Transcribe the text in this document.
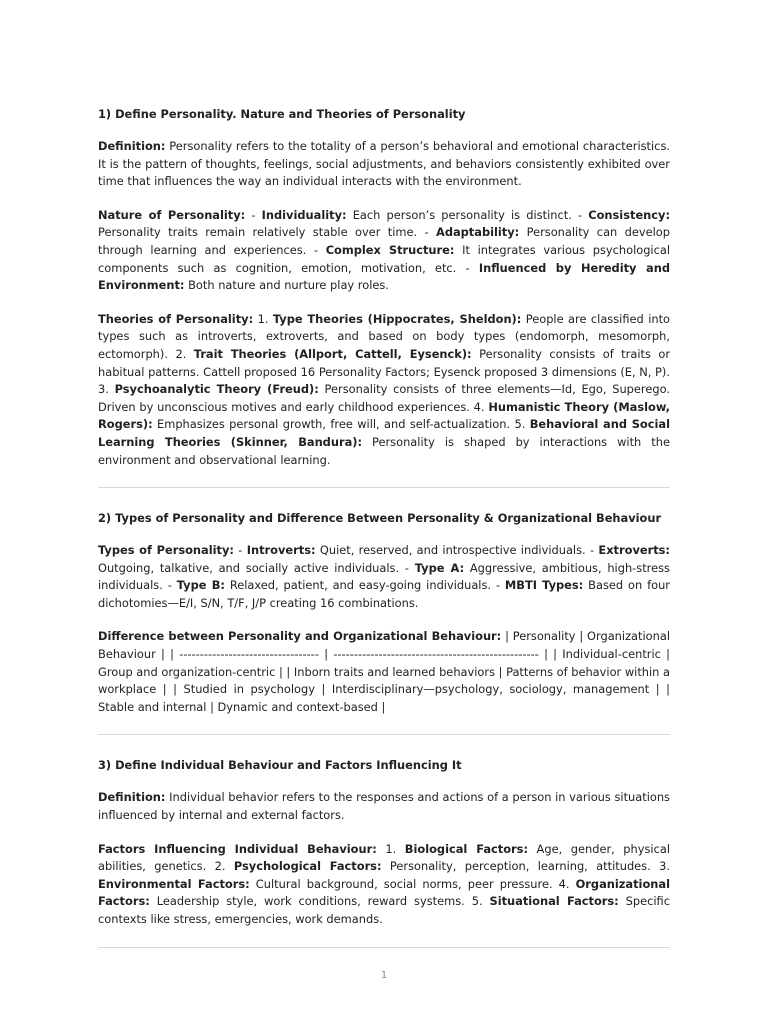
1) Define Personality. Nature and Theories of Personality

Definition: Personality refers to the totality of a person’s behavioral and emotional characteristics. It is the pattern of thoughts, feelings, social adjustments, and behaviors consistently exhibited over time that influences the way an individual interacts with the environment.

Nature of Personality: - Individuality: Each person’s personality is distinct. - Consistency: Personality traits remain relatively stable over time. - Adaptability: Personality can develop through learning and experiences. - Complex Structure: It integrates various psychological components such as cognition, emotion, motivation, etc. - Influenced by Heredity and Environment: Both nature and nurture play roles.

Theories of Personality: 1. Type Theories (Hippocrates, Sheldon): People are classified into types such as introverts, extroverts, and based on body types (endomorph, mesomorph, ectomorph). 2. Trait Theories (Allport, Cattell, Eysenck): Personality consists of traits or habitual patterns. Cattell proposed 16 Personality Factors; Eysenck proposed 3 dimensions (E, N, P). 3. Psychoanalytic Theory (Freud): Personality consists of three elements—Id, Ego, Superego. Driven by unconscious motives and early childhood experiences. 4. Humanistic Theory (Maslow, Rogers): Emphasizes personal growth, free will, and self-actualization. 5. Behavioral and Social Learning Theories (Skinner, Bandura): Personality is shaped by interactions with the environment and observational learning.

2) Types of Personality and Difference Between Personality & Organizational Behaviour

Types of Personality: - Introverts: Quiet, reserved, and introspective individuals. - Extroverts: Outgoing, talkative, and socially active individuals. - Type A: Aggressive, ambitious, high-stress individuals. - Type B: Relaxed, patient, and easy-going individuals. - MBTI Types: Based on four dichotomies—E/I, S/N, T/F, J/P creating 16 combinations.

Difference between Personality and Organizational Behaviour: | Personality | Organizational Behaviour | | ---------------------------------- | -------------------------------------------------- | | Individual-centric | Group and organization-centric | | Inborn traits and learned behaviors | Patterns of behavior within a workplace | | Studied in psychology | Interdisciplinary—psychology, sociology, management | | Stable and internal | Dynamic and context-based |

3) Define Individual Behaviour and Factors Influencing It

Definition: Individual behavior refers to the responses and actions of a person in various situations influenced by internal and external factors.

Factors Influencing Individual Behaviour: 1. Biological Factors: Age, gender, physical abilities, genetics. 2. Psychological Factors: Personality, perception, learning, attitudes. 3. Environmental Factors: Cultural background, social norms, peer pressure. 4. Organizational Factors: Leadership style, work conditions, reward systems. 5. Situational Factors: Specific contexts like stress, emergencies, work demands.

1
